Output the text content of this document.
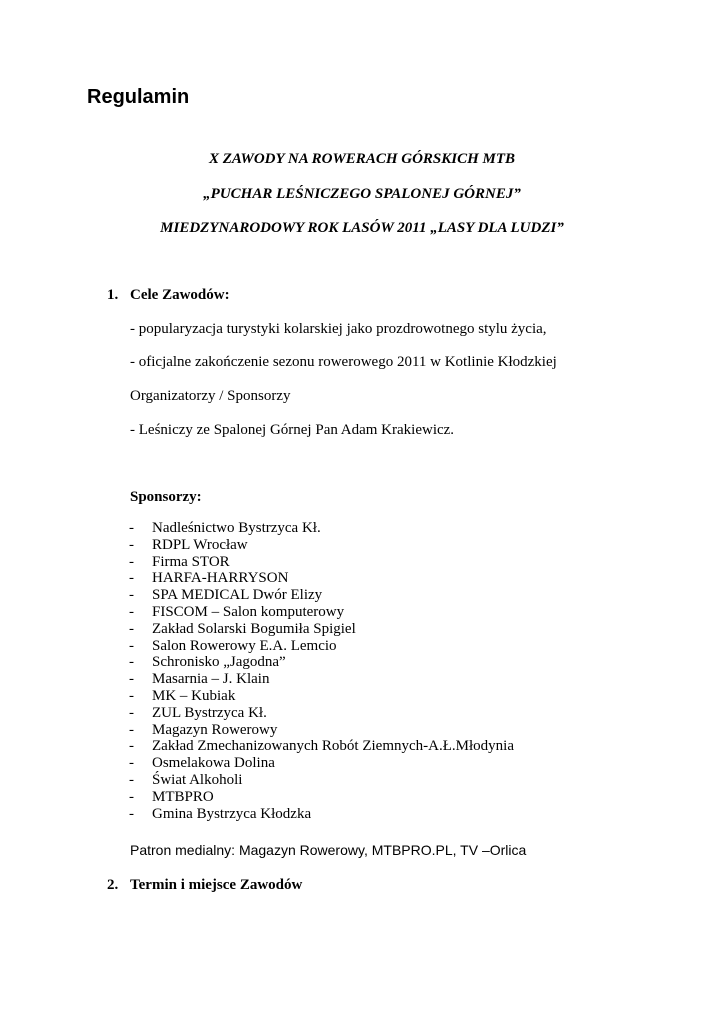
Regulamin
X ZAWODY NA ROWERACH GÓRSKICH MTB
„PUCHAR LEŚNICZEGO SPALONEJ GÓRNEJ”
MIEDZYNARODOWY ROK LASÓW 2011 „LASY DLA LUDZI”
1. Cele Zawodów:
- popularyzacja turystyki kolarskiej jako prozdrowotnego stylu życia,
- oficjalne zakończenie sezonu rowerowego 2011 w Kotlinie Kłodzkiej
Organizatorzy / Sponsorzy
- Leśniczy ze Spalonej Górnej Pan Adam Krakiewicz.
Sponsorzy:
- Nadleśnictwo Bystrzyca Kł.
- RDPL Wrocław
- Firma STOR
- HARFA-HARRYSON
- SPA MEDICAL Dwór Elizy
- FISCOM – Salon komputerowy
- Zakład Solarski Bogumiła Spigiel
- Salon Rowerowy E.A. Lemcio
- Schronisko „Jagodna”
- Masarnia – J. Klain
- MK – Kubiak
- ZUL Bystrzyca Kł.
- Magazyn Rowerowy
- Zakład Zmechanizowanych Robót Ziemnych-A.Ł.Młodynia
- Osmelakowa Dolina
- Świat Alkoholi
- MTBPRO
- Gmina Bystrzyca Kłodzka
Patron medialny: Magazyn Rowerowy, MTBPRO.PL, TV –Orlica
2. Termin i miejsce Zawodów
